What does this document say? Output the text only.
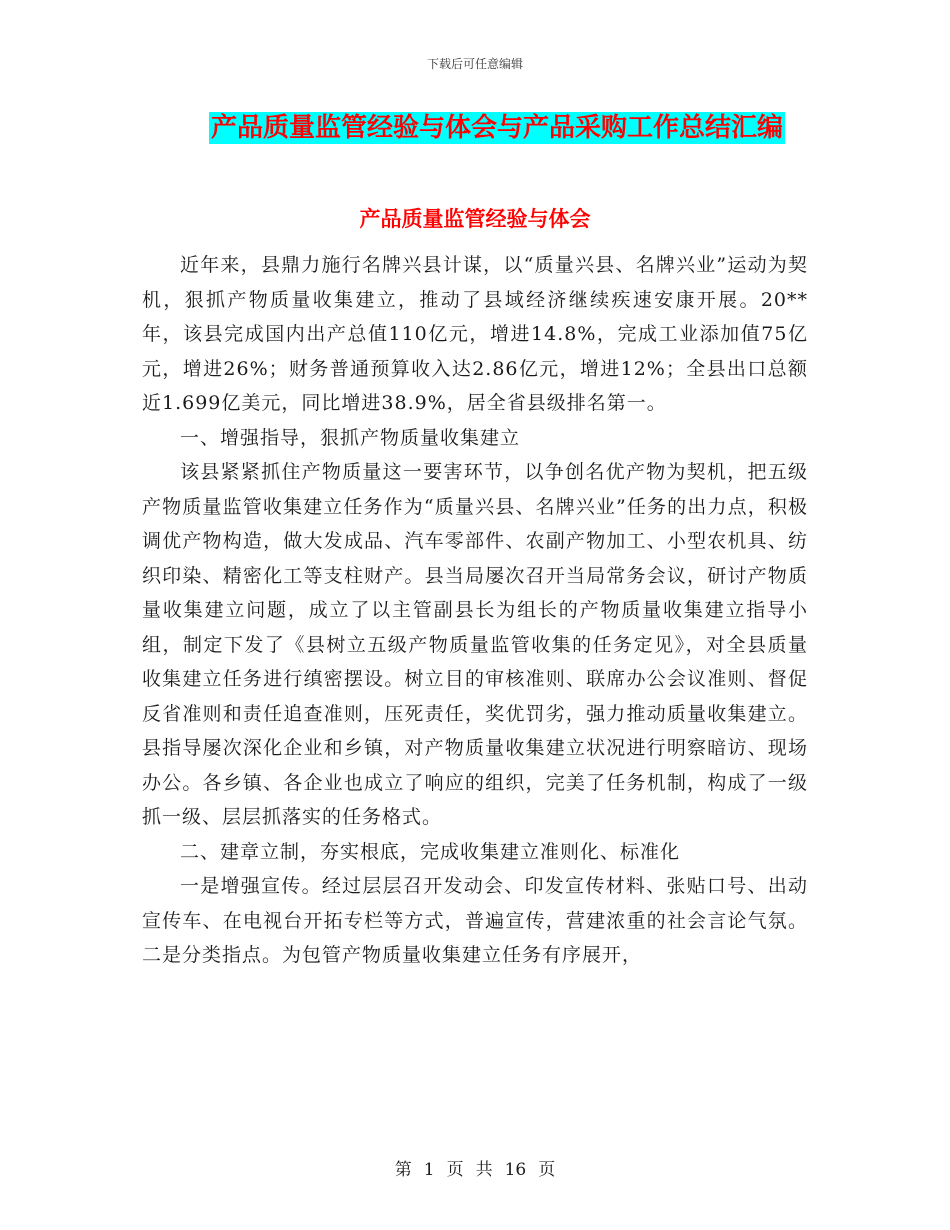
下载后可任意编辑
产品质量监管经验与体会与产品采购工作总结汇编
产品质量监管经验与体会

近年来，县鼎力施行名牌兴县计谋，以“质量兴县、名牌兴业”运动为契机，狠抓产物质量收集建立，推动了县域经济继续疾速安康开展。20**年，该县完成国内出产总值110亿元，增进14.8%，完成工业添加值75亿元，增进26%；财务普通预算收入达2.86亿元，增进12%；全县出口总额近1.699亿美元，同比增进38.9%，居全省县级排名第一。

一、增强指导，狠抓产物质量收集建立

该县紧紧抓住产物质量这一要害环节，以争创名优产物为契机，把五级产物质量监管收集建立任务作为“质量兴县、名牌兴业”任务的出力点，积极调优产物构造，做大发成品、汽车零部件、农副产物加工、小型农机具、纺织印染、精密化工等支柱财产。县当局屡次召开当局常务会议，研讨产物质量收集建立问题，成立了以主管副县长为组长的产物质量收集建立指导小组，制定下发了《县树立五级产物质量监管收集的任务定见》，对全县质量收集建立任务进行缜密摆设。树立目的审核准则、联席办公会议准则、督促反省准则和责任追查准则，压死责任，奖优罚劣，强力推动质量收集建立。县指导屡次深化企业和乡镇，对产物质量收集建立状况进行明察暗访、现场办公。各乡镇、各企业也成立了响应的组织，完美了任务机制，构成了一级抓一级、层层抓落实的任务格式。

二、建章立制，夯实根底，完成收集建立准则化、标准化

一是增强宣传。经过层层召开发动会、印发宣传材料、张贴口号、出动宣传车、在电视台开拓专栏等方式，普遍宣传，营建浓重的社会言论气氛。二是分类指点。为包管产物质量收集建立任务有序展开，

第 1 页 共 16 页
